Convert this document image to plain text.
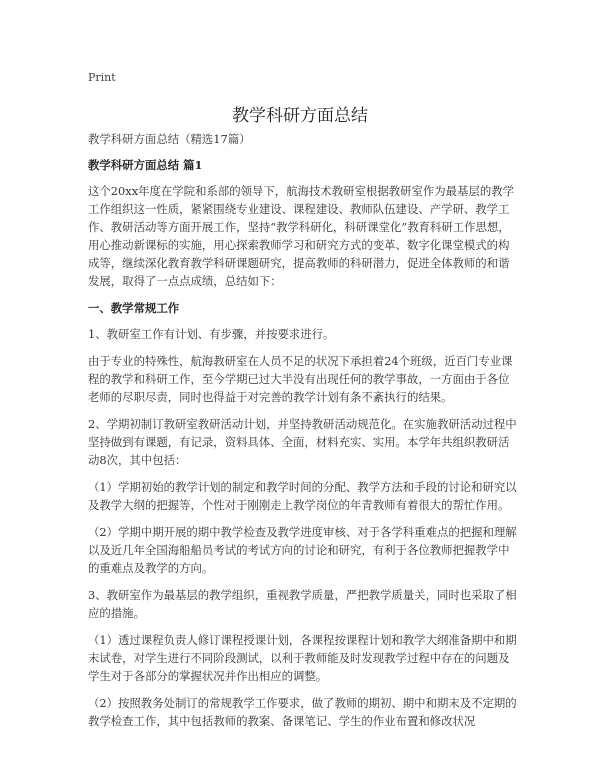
Print
教学科研方面总结

教学科研方面总结（精选17篇）

教学科研方面总结 篇1

这个20xx年度在学院和系部的领导下，航海技术教研室根据教研室作为最基层的教学工作组织这一性质，紧紧围绕专业建设、课程建设、教师队伍建设、产学研、教学工作、教研活动等方面开展工作，坚持“教学科研化，科研课堂化”教育科研工作思想，用心推动新课标的实施，用心探索教师学习和研究方式的变革、数字化课堂模式的构成等，继续深化教育教学科研课题研究，提高教师的科研潜力，促进全体教师的和谐发展，取得了一点点成绩，总结如下：

一、教学常规工作

1、教研室工作有计划、有步骤，并按要求进行。

由于专业的特殊性，航海教研室在人员不足的状况下承担着24个班级，近百门专业课程的教学和科研工作，至今学期已过大半没有出现任何的教学事故，一方面由于各位老师的尽职尽责，同时也得益于对完善的教学计划有条不紊执行的结果。

2、学期初制订教研室教研活动计划，并坚持教研活动规范化。在实施教研活动过程中坚持做到有课题，有记录，资料具体、全面，材料充实、实用。本学年共组织教研活动8次，其中包括：

（1）学期初始的教学计划的制定和教学时间的分配、教学方法和手段的讨论和研究以及教学大纲的把握等，个性对于刚刚走上教学岗位的年青教师有着很大的帮忙作用。

（2）学期中期开展的期中教学检查及教学进度审核、对于各学科重难点的把握和理解以及近几年全国海船船员考试的考试方向的讨论和研究，有利于各位教师把握教学中的重难点及教学的方向。

3、教研室作为最基层的教学组织，重视教学质量，严把教学质量关，同时也采取了相应的措施。

（1）透过课程负责人修订课程授课计划，各课程按课程计划和教学大纲准备期中和期末试卷，对学生进行不同阶段测试，以利于教师能及时发现教学过程中存在的问题及学生对于各部分的掌握状况并作出相应的调整。

（2）按照教务处制订的常规教学工作要求，做了教师的期初、期中和期末及不定期的教学检查工作，其中包括教师的教案、备课笔记、学生的作业布置和修改状况
